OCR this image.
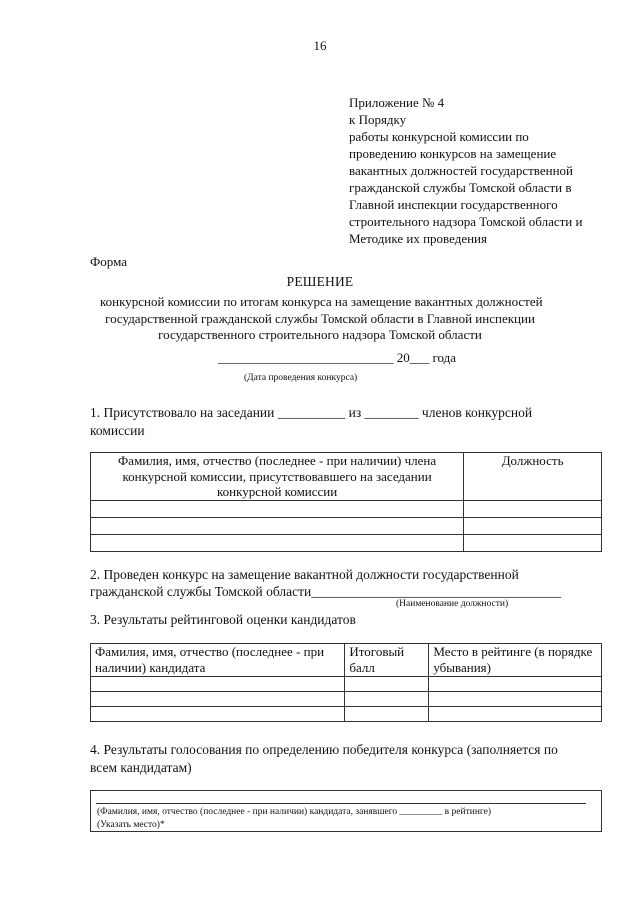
16
Приложение № 4
к Порядку
работы конкурсной комиссии по
проведению конкурсов на замещение
вакантных должностей государственной
гражданской службы Томской области в
Главной инспекции государственного
строительного надзора Томской области и
Методике их проведения
Форма
РЕШЕНИЕ
конкурсной комиссии по итогам конкурса на замещение вакантных должностей
государственной гражданской службы Томской области в Главной инспекции
государственного строительного надзора Томской области
___________________________ 20___ года
(Дата проведения конкурса)
1. Присутствовало на заседании __________ из ________ членов конкурсной
комиссии
Фамилия, имя, отчество (последнее - при наличии) члена конкурсной комиссии, присутствовавшего на заседании конкурсной комиссии	Должность

2. Проведен конкурс на замещение вакантной должности государственной
гражданской службы Томской области_____________________________________
(Наименование должности)
3. Результаты рейтинговой оценки кандидатов
Фамилия, имя, отчество (последнее - при наличии) кандидата	Итоговый балл	Место в рейтинге (в порядке убывания)

4. Результаты голосования по определению победителя конкурса (заполняется по
всем кандидатам)
(Фамилия, имя, отчество (последнее - при наличии) кандидата, занявшего _________ в рейтинге)
(Указать место)*
